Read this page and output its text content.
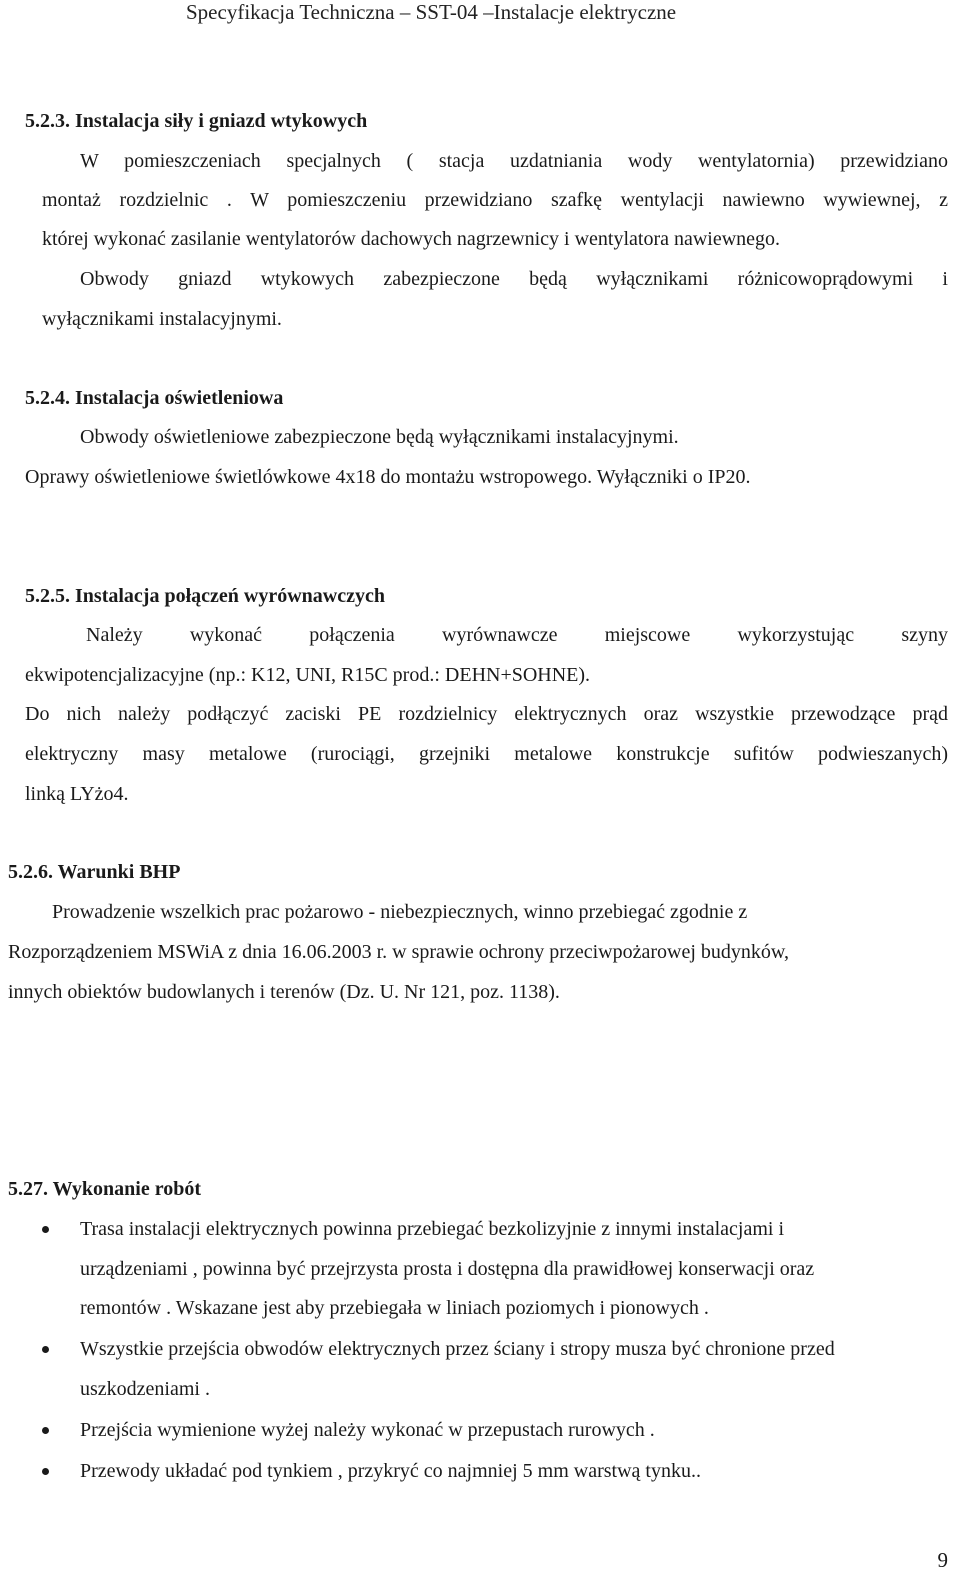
Specyfikacja Techniczna – SST-04 –Instalacje elektryczne
5.2.3. Instalacja siły i gniazd wtykowych
W pomieszczeniach specjalnych ( stacja uzdatniania wody wentylatornia) przewidziano
montaż rozdzielnic . W pomieszczeniu przewidziano szafkę wentylacji nawiewno wywiewnej, z
której wykonać zasilanie wentylatorów dachowych nagrzewnicy i wentylatora nawiewnego.
Obwody gniazd wtykowych zabezpieczone będą wyłącznikami różnicowoprądowymi i
wyłącznikami instalacyjnymi.
5.2.4. Instalacja oświetleniowa
Obwody oświetleniowe zabezpieczone będą wyłącznikami instalacyjnymi.
Oprawy oświetleniowe świetlówkowe 4x18 do montażu wstropowego. Wyłączniki o IP20.
5.2.5. Instalacja połączeń wyrównawczych
Należy wykonać połączenia wyrównawcze miejscowe wykorzystując szyny
ekwipotencjalizacyjne (np.: K12, UNI, R15C prod.: DEHN+SOHNE).
Do nich należy podłączyć zaciski PE rozdzielnicy elektrycznych oraz wszystkie przewodzące prąd
elektryczny masy metalowe (rurociągi, grzejniki metalowe konstrukcje sufitów podwieszanych)
linką LYżo4.
5.2.6. Warunki BHP
Prowadzenie wszelkich prac pożarowo - niebezpiecznych, winno przebiegać zgodnie z
Rozporządzeniem MSWiA z dnia 16.06.2003 r. w sprawie ochrony przeciwpożarowej budynków,
innych obiektów budowlanych i terenów (Dz. U. Nr 121, poz. 1138).
5.27. Wykonanie robót
Trasa instalacji elektrycznych powinna przebiegać bezkolizyjnie z innymi instalacjami i
urządzeniami , powinna być przejrzysta prosta i dostępna dla prawidłowej konserwacji oraz
remontów . Wskazane jest aby przebiegała w liniach poziomych i pionowych .
Wszystkie przejścia obwodów elektrycznych przez ściany i stropy musza być chronione przed
uszkodzeniami .
Przejścia wymienione wyżej należy wykonać w przepustach rurowych .
Przewody układać pod tynkiem , przykryć co najmniej 5 mm warstwą tynku..
9
